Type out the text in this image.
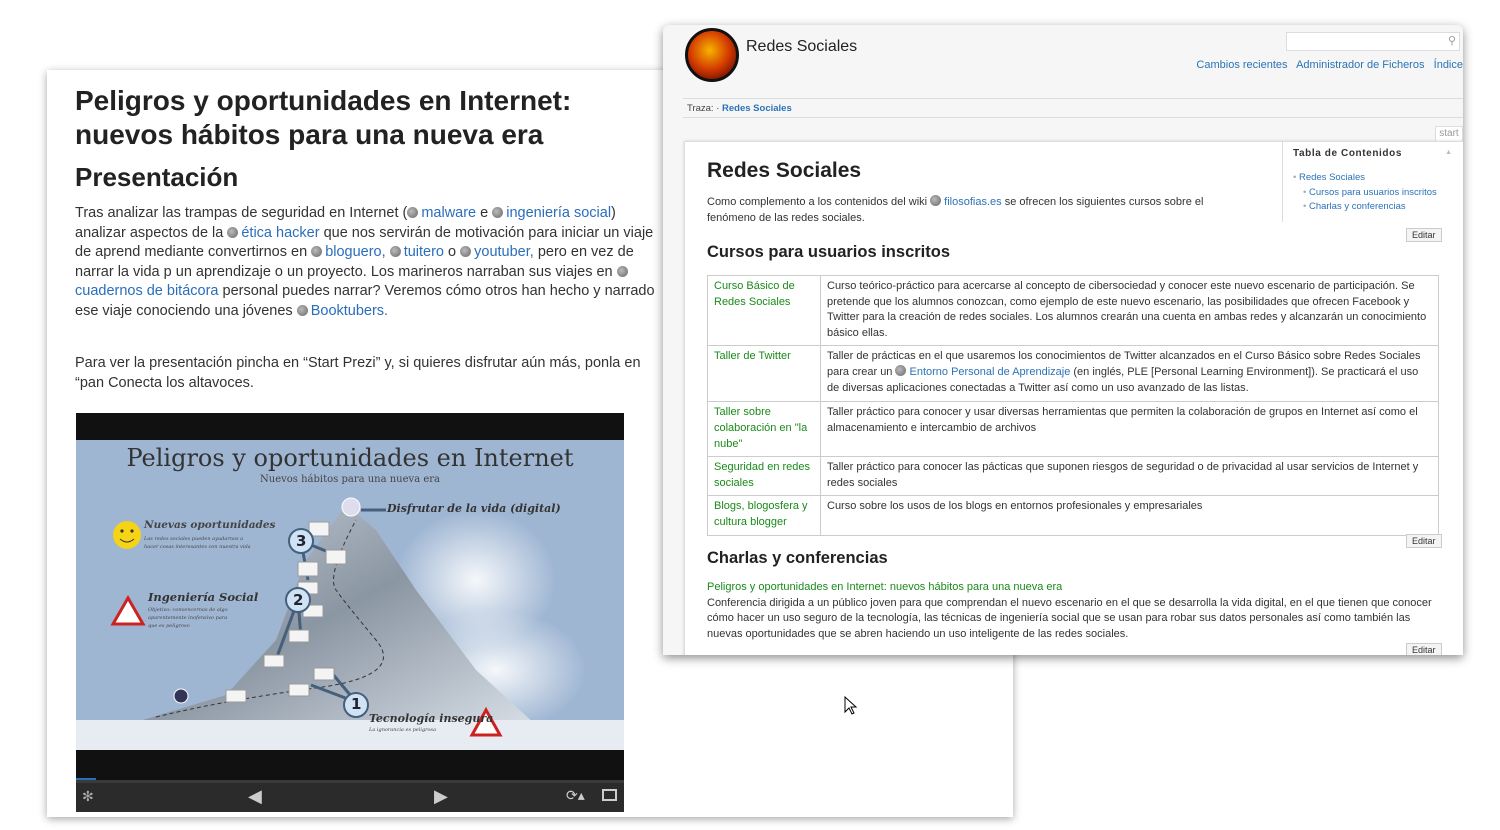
Peligros y oportunidades en Internet: nuevos hábitos para una nueva era
Presentación
Tras analizar las trampas de seguridad en Internet ( malware e ingeniería social) analizar aspectos de la ética hacker que nos servirán de motivación para iniciar un viaje de aprend mediante convertirnos en bloguero, tuitero o youtuber, pero en vez de narrar la vida p un aprendizaje o un proyecto. Los marineros narraban sus viajes en cuadernos de bitácora personal puedes narrar? Veremos cómo otros han hecho y narrado ese viaje conociendo una jóvenes Booktubers.
Para ver la presentación pincha en “Start Prezi” y, si quieres disfrutar aún más, ponla en “pan Conecta los altavoces.
Peligros y oportunidades en Internet
Nuevos hábitos para una nueva era
Disfrutar de la vida (digital)
Nuevas oportunidades
Las redes sociales pueden ayudarnos a
hacer cosas interesantes con nuestra vida
Ingeniería Social
Objetivo: convencernos de algo
aparentemente inofensivo para
que es peligroso
Tecnología insegura
La ignorancia es peligrosa
3
2
1
✻	◀	▶	⟳▴
Redes Sociales	⚲
Cambios recientes Administrador de Ficheros Índice
Traza: · Redes Sociales
start
Tabla de Contenidos	▲
• Redes Sociales
• Cursos para usuarios inscritos
• Charlas y conferencias
Redes Sociales
Como complemento a los contenidos del wiki filosofias.es se ofrecen los siguientes cursos sobre el
fenómeno de las redes sociales.
Editar
Cursos para usuarios inscritos
Curso Básico de Redes Sociales	Curso teórico-práctico para acercarse al concepto de cibersociedad y conocer este nuevo escenario de participación. Se pretende que los alumnos conozcan, como ejemplo de este nuevo escenario, las posibilidades que ofrecen Facebook y Twitter para la creación de redes sociales. Los alumnos crearán una cuenta en ambas redes y alcanzarán un conocimiento básico ellas.
Taller de Twitter	Taller de prácticas en el que usaremos los conocimientos de Twitter alcanzados en el Curso Básico sobre Redes Sociales para crear un Entorno Personal de Aprendizaje (en inglés, PLE [Personal Learning Environment]). Se practicará el uso de diversas aplicaciones conectadas a Twitter así como un uso avanzado de las listas.
Taller sobre colaboración en "la nube"	Taller práctico para conocer y usar diversas herramientas que permiten la colaboración de grupos en Internet así como el almacenamiento e intercambio de archivos
Seguridad en redes sociales	Taller práctico para conocer las pácticas que suponen riesgos de seguridad o de privacidad al usar servicios de Internet y redes sociales
Blogs, blogosfera y cultura blogger	Curso sobre los usos de los blogs en entornos profesionales y empresariales
Editar
Charlas y conferencias
Peligros y oportunidades en Internet: nuevos hábitos para una nueva era
Conferencia dirigida a un público joven para que comprendan el nuevo escenario en el que se desarrolla la vida digital, en el que tienen que conocer cómo hacer un uso seguro de la tecnología, las técnicas de ingeniería social que se usan para robar sus datos personales así como también las nuevas oportunidades que se abren haciendo un uso inteligente de las redes sociales.
Editar
